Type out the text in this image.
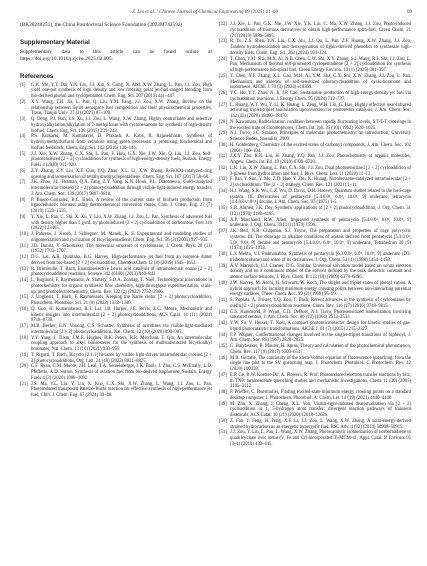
Z. Liu et al. / Chinese Journal of Chemical Engineering 89 (2025) 61–69	69

(BK20240251), the China Postdoctoral Science Foundation (2023M742592).

Supplementary Material

Supplementary data to this article can be found online at https://doi.org/10.1016/j.cjche.2025.02.005.

References
[1] G.K. Mo, Y.T. Dai, Y.N. Liu, J.J. Xin, S. Gong, N. Abd, X.W. Zhang, L. Pan, J.J. Zou, High yield one-pot synthesis of high density and low freezing point jet-fuel-ranged blending from bio-derived phenol and cyclopentanol, Chem. Eng. Sci. 207 (2019) 441–447.
[2] X.Y. Wang, T.H. Jia, L. Pan, Q. Liu, Y.M. Fang, J.J. Zou, X.W. Zhang, Review on the relationship between liquid aerospace fuel composition and their physicochemical properties, Trans. Tianjin Univ. 27 (2) (2021) 87–109.
[3] Q. Deng, P.J. Han, J.S. Xu, J.J. Zou, L. Wang, X.W. Zhang, Highly controllable and selective hydroxyalkylation/alkylation of 2-methylfuran with cyclohexanone for synthesis of high-density biofuel, Chem. Eng. Sci. 138 (2015) 239–243.
[4] P.S. Kulkarni, M. Kumaravel, D. Prakash, A. Kaba, R. Rajasekharan, Synthesis of hydroxymethylfurfural from cellulose using green processes: a promising biochemical and biofuel feedstock, Chem. Eng. Sci. 142 (2016) 136–146.
[5] J.J. Xie, X.W. Zhang, C.X. Shi, L. Pan, F. Hou, G.X. Nie, J.W. Xie, Q. Liu, J.J. Zou, Self-photosensitized [2 + 2] cycloaddition for synthesis of high-energy-density fuels, Sustain. Energy Fuels 4 (2020) 911–920.
[6] Z.Y. Zhang, Z.Y. Liu, X.F. Guo, Y.Q. Zhao, X.L. Li, X.W. Zhang, R-Fe3O4-catalyzed ring opening and isomerization of tetrahydrodicyclopentadiene, Chem. Eng. Sci. 167 (2017) 58–68.
[7] J.K. Zhao, J.L. Braman, Q.X. Tang, Z.Y. Yang, K.N. Houk, P.L. Diaconescu, Gold-catalyzed intermolecular crossed [2 + 2] photocycloaddition through visible-light-induced energy transfer, J. Am. Chem. Soc. 139 (2017) 9807–9810.
[8] P. Bueno-Gonzalez, B.C. Klein, A review of the current state of biofuels production from lignocellulosic biomass using thermochemical conversion routes, Chin. J. Chem. Eng. 27 (7) (2019) 1523–1535.
[9] Y. Xie, L. Pan, C. Shi, X. Xu, Y. Liu, X.W. Zhang, J.J. Zou, L. Pan, Synthesis of advanced fuel with density higher than 1 g/mL by photoinduced [2 + 2] cycloaddition of norbornene, Fuel 316 (2022) 123405.
[10] J. Pahrens, J. Kroeb, J. Schlegner, M. Manek, K. S. Experimental and modeling studies of oligomerization and cyclization of bicyclopentadiene, Chem. Eng. Sci. 56 (3) (2001) 927–935.
[11] J.D. Dunitz, V. Schomaker, The molecular structure of cyclobutane, J. Chem. Phys. 20 (11) (1952) 1703–1707.
[12] D.G. Lai, A.R. Quintana, B.G. Harvey, High-performance jet fuel from an isoprene dimer derived from bio-based [2 + 2] cycloaddition, ChemSusChem 12 (8) (2019) 1645–1652.
[13] R. Brimioulle, T. Bach, Enantioselective Lewis acid catalysis of intramolecular enone [2 + 2] photocycloaddition reactions, Science 342 (6160) (2013) 840–843.
[14] L. Buglioni, F. Raymenants, A. Slattery, S.D.A. Zondag, T. Noël, Technological innovations in photochemistry for organic synthesis: flow chemistry, high-throughput experimentation, scale-up, and photoelectrochemistry, Chem. Rev. 122 (2) (2022) 2752–2906.
[15] J. Ungbesit, T. Bach, F. Raymenants, Keeping the Name clean: [2 + 2] photocycloaddition, Photochem. Photobiol. Sci. 21 (8) (2022) 1333–1340.
[16] Q. Guo, H. Kunanntarasi, R.T. Lai, J.B. Harper, J.E. Bevis, E.G. Moore, Mechanistic and kinetic insights into intermolecular [2 + 2] photocycloadditions, ACS Catal. 14 (11) (2024) 8718–8730.
[17] M.B. Becker, E.N. Vossing, C.S. Schuster, Synthesis of aziridines via visible-light-mediated intermolecular [2 + 2] photocycloadditions, Nat. Chem. 12 (10) (2020) 898–905.
[18] Y.Y. Yang, J. Tilsm, J.M.E. Hughes, B.K. Peters, R.R. Merchant, T. Qin, An intermolecular coupling approach to alkyl bioisosteres for the synthesis of multisubstituted bicycloalkyl boronates, Nat. Chem. 13 (10) (2021) 950–955.
[19] T. Rigotti, T. Bach, Bicyclo [2.1.1] hexanes by visible light-driven intramolecular crossed [2 + 2] photocycloadditions, Org. Lett. 24 (48) (2022) 8821–8825.
[20] C.F. Ryan, C.M. Moore, J.H. Leal, T.A. Semelsberger, J.K. Banh, J. Zhu, C.S. McEnally, L.D. Pfefferle, A.D. Sutton, Synthesis of aviation fuel from bio-derived isophorone, Sustain. Energy Fuels 4 (3) (2020) 1088–1092.
[21] J.S. Ma, Y.L. Liu, Y. Liu, X. Kuo, C.X. Shi, X.W. Zhang, L. Wang, J.J. Zou, L. Pan, Photoinduced transposed Paternò-Büchi reaction for effective synthesis of high-performance jet fuel, Chin. J. Chem. Eng. 67 (2024) 39–48.
[22] J.J. Xie, L. Pan, G.K. Nie, J.W. Xie, Y.K. Liu, C. Ma, X.W. Zhang, J.J. Zou, Photo-induced cycloaddition of biomass derivatives to obtain high-performance spiro-fuel, Green Chem. 21 (21) (2019) 5886–5895.
[23] R. Yu, Z.S. Shen, Y.N. Liu, C.X. Shi, J.J. Qu, L. Pan, Z.F. Huang, X.W. Zhang, J.J. Zou, Tandem hydrodeoxidation and deoxygenation of lignin-derived phenolics to synthesize high-density fuels, Chem. Eng. Sci. 262 (2024) 104–124.
[24] T. Chen, Y.M. Sha, M.X. Ai, N.B. Chen, C.W. Shi, X.Y. Zhang, S.J. Wang, R.F. Shi, J.J. Zou, L. Pan, Mechanism of thermal self-promoted cyclopentadiene [2 + 2] cycloaddition for synthesis of high-performance bio-spiral fuel, Green Energy Environ. 10 (1) (2025) 381–397.
[25] Y. Chen, X.F. Zhang, X.L. Gao, M.H. Ai, Y.M. Sha, C.X. Shi, X.W. Zhang, J.J. Zou, L. Pan, Mechanism and kinetics of self-sensitized photocycloaddition of cyclo-boranone and isobornene, AIChE J. 70 (3) (2024) e18369.
[26] Y.C. Hu, Y.Y. Zhao, N. Ji, J.P. Cao, Sustainable production of high-energy-density jet fuel via cycloaddition reactions, J. Energy Chem. 95 (2024) 712–737.
[27] L. Huang, W.T. Wu, Y. Li, K. Huang, L. Zeng, W.H. Lin, G. Hao, Highly effective near-infrared activating triplet-triplet annihilation upconversion for photoredox catalysis, J. Am. Chem. Soc. 142 (43) (2020) 18460–18470.
[28] N. Kawamata, Radicalization condition between rapidly fluctuating levels, S.T-T-T crossings in the excited state of chromophores, Chem. Int. Jpn. 35 (10) (1962) 1620–1625.
[29] N.J. Turro, J.C. Scaiano, Principles of molecular photochemistry: an introduction, University Science Books, Sausalito, 2009.
[30] H. Goldenberg, Chemistry of the excited states of carbonyl compounds, J. Am. Chem. Soc. 102 (2001) 100–104.
[31] J.X.Y. Zhu, R.N. Liu, H. Zhang, Y.Q. Pan, J.J. Zou, Photochemistry of organic molecules, Angew. Chem. Int. Ed. 49 (2010) 6700–6720.
[32] L.K. Liu, X.W. Zhang, L. Pan, C.X. Shi, J.J. Zou, Dual photosensitized [2 + 2] cycloaddition of 3-pinene from hydrocarbon and fuel, J. Phys. Chem. Lett. 11 (2020) 11–13.
[33] F. Pan, Y. Sun, Y. Mo, Z.D. Hao, Y. Zhu, K. Huang, Nitrobenzene-catalyzed intramolecular [2 + 2] cycloaddition: The [2 + 2] strategy, Chem. Rev. 121 (2021) 1–11.
[34] H.J. Wang, S.R. Wu, L.Z. Wu, D. Davis, D.H. Hoovey, Quantum studies related to the bird-cage system. III. Derivatives of pentacycle [5.4.0.0², 6.0³, 10.0⁵, 9] undecane, tetracyclo [4.4.0.0¹.⁷.0³.⁸] decane, J. Am. Chem. Soc. 97 (1975) 1-5.
[35] S.B. Ahmed, J.K. Dey, Synthetic applications of [2 + 2] photocycloaddition, J. Org. Chem. 31 (12) (1970) 4180–4185.
[36] A.P. Marchand, R.W. Allen, Improved synthesis of pentacyclo [5.4.0.0², 6.0³, 10.0⁵, 9] undecane, J. Org. Chem. 39 (11) (1974) 1596.
[37] J.K. Bell, N.B. Chapman, S.J. Toyne, The preparation and properties of cage polycyclic systems. III. The cleavage in alkaline conditions of acetals derived from pentacyclo [5.3.0.0², 5.0³, 9.0⁴, 8] decane and pentacyclo [5.4.0.0², 6.0³, 10.0⁵, 9] undecane, Tetrahedron 30 (9) (1974) 1025–1033.
[38] L.J. Mehta, V.J. Padmanabha, Synthesis of pentacyclo [6.3.0.0², 6.0³, 10.0⁵, 9] undecane (D3-trishomocubane) and some of its derivatives, J. Org. Chem. 53 (4) (1988) 1454–1458.
[39] A.V. Marenich, C.J. Cramer, D.G. Truhlar, Universal solvation model based on solute electron density and on a continuum model of the solvent defined by the bulk dielectric constant and atomic surface tensions, J. Phys. Chem. B 113 (18) (2009) 6378–6396.
[40] J.W. Harvey, M. Aschi, H. Schwarz, W. Koch, The singlet and triplet states of phenyl cation. A hybrid approach for locating minimum energy crossing points between non-interacting potential energy surfaces, Theor. Chem. Acc. 99 (2) (1998) 95–99.
[41] S. Poplata, A. Tröster, Y.Q. Zou, T. Bach, Recent advances in the synthesis of cyclobutanes by olefin [2 + 2] photocycloaddition reactions, Chem. Rev. 116 (17) (2016) 9748–9815.
[42] G.S. Hammond, P. Wyatt, C.D. DeBoer, N.J. Turro, Photosensitized isomerization involving saturated centers, J. Am. Chem. Soc. 86 (12) (1964) 2532–2533.
[43] Y.W. Su, V. Hessel, T. Noël, A compact photomicroreactor design for kinetic studies of gas-liquid photocatalytic transformations, AIChE J. 61 (7) (2015) 2215–2227.
[44] F.P. Wagner, Conformational changes involved in the singlet-triplet transitions of biphenyl, J. Am. Chem. Soc. 89 (1967) 2820–2825.
[45] G. Barybeaker, B. Maurer, H. Aprus, Theory and calculation of the photochemical phenomenon, Chem. Rev. 117 (9) (2017) 6500–6537.
[46] M.R. Gellatie, The continuity of the Stern-Volmer equation of fluorescence quenching: from the single line plot to the SV quenching map, J. Photochem. Photobiol. C Photochem. Rev. 42 (2020) 100338.
[47] E.P. Ge, B.W. Koetter-Dir, A. Flowers, R. Prof, Photoinduced electron transfer reactions by bitz, in TNP: luminescence quenching studies and mechanistic investigations, Chem. 11 (30) (2005) 3105–3112.
[48] P. Prieffer, C. Buermuller, Finding excited-state minimum energy crossing points on a standard desktop computer, J. Photochem. Photobiol. A: Chem. Let. 14 (19) (2023) 4440–4448.
[49] M. Zhu, X. Zhang, J. Cheng, X.L. You, Visible-light-induced dearomatization via [2 + 2] cycloaddition or 1, 5-hydrogen atom transfer: divergent reaction pathways of transient diradicals, ACS Catal. 10 (21) (2020) 12618–12626.
[50] Z. Fan, Y. Feng, H. Peng, X.F. Li, J.J. Zou, L. Wang, X.W. Zhang, A solar-energy-derived strained hydrocarbon as an energetic hypergolic fuel, RSC Adv. 4 (92) (2014) 50908–50915.
[51] J.J. Zou, Y. Liu, L. Pan, L. Wang, X.W. Zhang, Photocatalytic isomerization of norbornadiene to quadricyclane over metal (V, Fe and Cr)-incorporated Ti-MCM-41, Appl. Catal. B Environ. 95 (3–4) (2010) 439–445.
